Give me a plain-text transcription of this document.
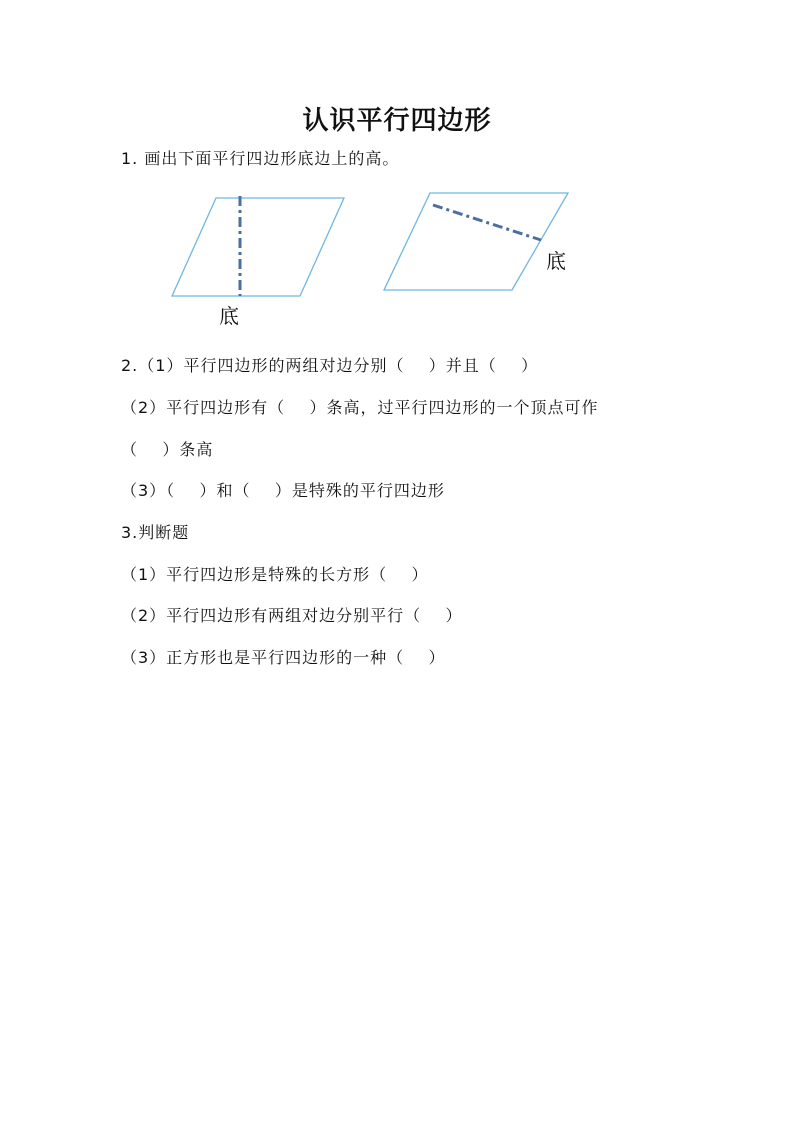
认识平行四边形
1. 画出下面平行四边形底边上的高。
底
底
2.（1）平行四边形的两组对边分别（    ）并且（    ）
（2）平行四边形有（    ）条高，过平行四边形的一个顶点可作
（    ）条高
（3）（    ）和（    ）是特殊的平行四边形
3.判断题
（1）平行四边形是特殊的长方形（    ）
（2）平行四边形有两组对边分别平行（    ）
（3）正方形也是平行四边形的一种（    ）
